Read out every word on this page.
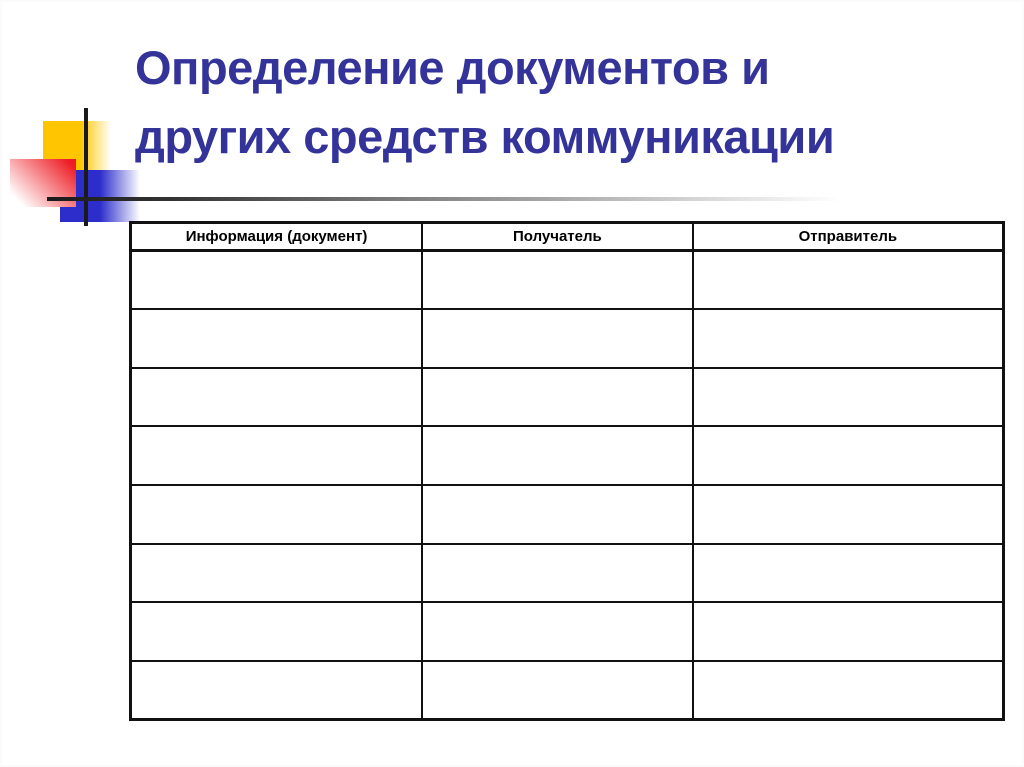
Определение документов и
других средств коммуникации
Информация (документ)	Получатель	Отправитель
